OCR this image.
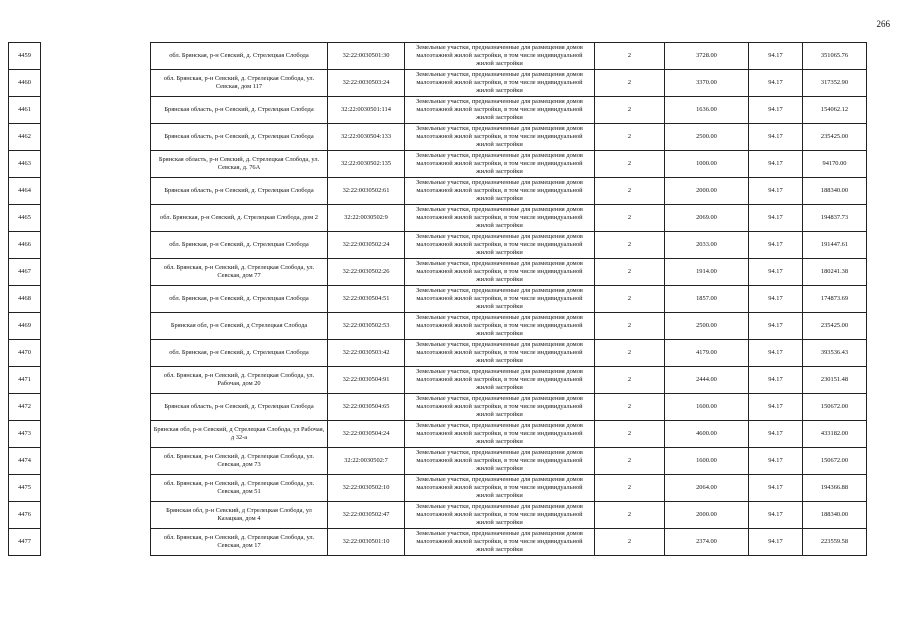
266
4459		обл. Брянская, р-н Севский, д. Стрелецкая Слобода	32:22:0030501:30	Земельные участки, предназначенные для размещения домов малоэтажной жилой застройки, в том числе индивидуальной жилой застройки	2	3728.00	94.17	351065.76
4460		обл. Брянская, р-н Севский, д. Стрелецкая Слобода, ул. Севская, дом 117	32:22:0030503:24	Земельные участки, предназначенные для размещения домов малоэтажной жилой застройки, в том числе индивидуальной жилой застройки	2	3370.00	94.17	317352.90
4461		Брянская область, р-н Севский, д. Стрелецкая Слобода	32:22:0030501:114	Земельные участки, предназначенные для размещения домов малоэтажной жилой застройки, в том числе индивидуальной жилой застройки	2	1636.00	94.17	154062.12
4462		Брянская область, р-н Севский, д. Стрелецкая Слобода	32:22:0030504:133	Земельные участки, предназначенные для размещения домов малоэтажной жилой застройки, в том числе индивидуальной жилой застройки	2	2500.00	94.17	235425.00
4463		Брянская область, р-н Севский, д. Стрелецкая Слобода, ул. Севская, д. 76А	32:22:0030502:135	Земельные участки, предназначенные для размещения домов малоэтажной жилой застройки, в том числе индивидуальной жилой застройки	2	1000.00	94.17	94170.00
4464		Брянская область, р-н Севский, д. Стрелецкая Слобода	32:22:0030502:61	Земельные участки, предназначенные для размещения домов малоэтажной жилой застройки, в том числе индивидуальной жилой застройки	2	2000.00	94.17	188340.00
4465		обл. Брянская, р-н Севский, д. Стрелецкая Слобода, дом 2	32:22:0030502:9	Земельные участки, предназначенные для размещения домов малоэтажной жилой застройки, в том числе индивидуальной жилой застройки	2	2069.00	94.17	194837.73
4466		обл. Брянская, р-н Севский, д. Стрелецкая Слобода	32:22:0030502:24	Земельные участки, предназначенные для размещения домов малоэтажной жилой застройки, в том числе индивидуальной жилой застройки	2	2033.00	94.17	191447.61
4467		обл. Брянская, р-н Севский, д. Стрелецкая Слобода, ул. Севская, дом 77	32:22:0030502:26	Земельные участки, предназначенные для размещения домов малоэтажной жилой застройки, в том числе индивидуальной жилой застройки	2	1914.00	94.17	180241.38
4468		обл. Брянская, р-н Севский, д. Стрелецкая Слобода	32:22:0030504:51	Земельные участки, предназначенные для размещения домов малоэтажной жилой застройки, в том числе индивидуальной жилой застройки	2	1857.00	94.17	174873.69
4469		Брянская обл, р-н Севский, д Стрелецкая Слобода	32:22:0030502:53	Земельные участки, предназначенные для размещения домов малоэтажной жилой застройки, в том числе индивидуальной жилой застройки	2	2500.00	94.17	235425.00
4470		обл. Брянская, р-н Севский, д. Стрелецкая Слобода	32:22:0030503:42	Земельные участки, предназначенные для размещения домов малоэтажной жилой застройки, в том числе индивидуальной жилой застройки	2	4179.00	94.17	393536.43
4471		обл. Брянская, р-н Севский, д. Стрелецкая Слобода, ул. Рабочая, дом 20	32:22:0030504:91	Земельные участки, предназначенные для размещения домов малоэтажной жилой застройки, в том числе индивидуальной жилой застройки	2	2444.00	94.17	230151.48
4472		Брянская область, р-н Севский, д. Стрелецкая Слобода	32:22:0030504:65	Земельные участки, предназначенные для размещения домов малоэтажной жилой застройки, в том числе индивидуальной жилой застройки	2	1600.00	94.17	150672.00
4473		Брянская обл, р-н Севский, д Стрелецкая Слобода, ул Рабочая, д 32-а	32:22:0030504:24	Земельные участки, предназначенные для размещения домов малоэтажной жилой застройки, в том числе индивидуальной жилой застройки	2	4600.00	94.17	433182.00
4474		обл. Брянская, р-н Севский, д. Стрелецкая Слобода, ул. Севская, дом 73	32:22:0030502:7	Земельные участки, предназначенные для размещения домов малоэтажной жилой застройки, в том числе индивидуальной жилой застройки	2	1600.00	94.17	150672.00
4475		обл. Брянская, р-н Севский, д. Стрелецкая Слобода, ул. Севская, дом 51	32:22:0030502:10	Земельные участки, предназначенные для размещения домов малоэтажной жилой застройки, в том числе индивидуальной жилой застройки	2	2064.00	94.17	194366.88
4476		Брянская обл, р-н Севский, д Стрелецкая Слобода, ул Казацкая, дом 4	32:22:0030502:47	Земельные участки, предназначенные для размещения домов малоэтажной жилой застройки, в том числе индивидуальной жилой застройки	2	2000.00	94.17	188340.00
4477		обл. Брянская, р-н Севский, д. Стрелецкая Слобода, ул. Севская, дом 17	32:22:0030501:10	Земельные участки, предназначенные для размещения домов малоэтажной жилой застройки, в том числе индивидуальной жилой застройки	2	2374.00	94.17	223559.58
